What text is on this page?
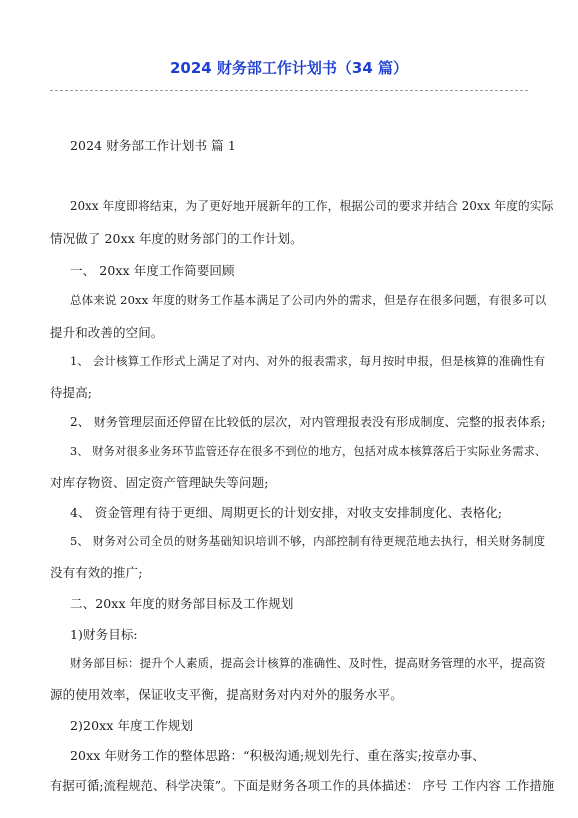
2024 财务部工作计划书（34 篇）

2024 财务部工作计划书 篇 1

20xx 年度即将结束，为了更好地开展新年的工作，根据公司的要求并结合 20xx 年度的实际

情况做了 20xx 年度的财务部门的工作计划。

一、 20xx 年度工作简要回顾

总体来说 20xx 年度的财务工作基本满足了公司内外的需求，但是存在很多问题，有很多可以

提升和改善的空间。

1、 会计核算工作形式上满足了对内、对外的报表需求，每月按时申报，但是核算的准确性有

待提高;

2、 财务管理层面还停留在比较低的层次，对内管理报表没有形成制度、完整的报表体系;

3、 财务对很多业务环节监管还存在很多不到位的地方，包括对成本核算落后于实际业务需求、

对库存物资、固定资产管理缺失等问题;

4、 资金管理有待于更细、周期更长的计划安排，对收支安排制度化、表格化;

5、 财务对公司全员的财务基础知识培训不够，内部控制有待更规范地去执行，相关财务制度

没有有效的推广;

二、20xx 年度的财务部目标及工作规划

1)财务目标:

财务部目标：提升个人素质，提高会计核算的准确性、及时性，提高财务管理的水平，提高资

源的使用效率，保证收支平衡，提高财务对内对外的服务水平。

2)20xx 年度工作规划

20xx 年财务工作的整体思路：“积极沟通;规划先行、重在落实;按章办事、

有据可循;流程规范、科学决策”。下面是财务各项工作的具体描述： 序号 工作内容 工作措施
